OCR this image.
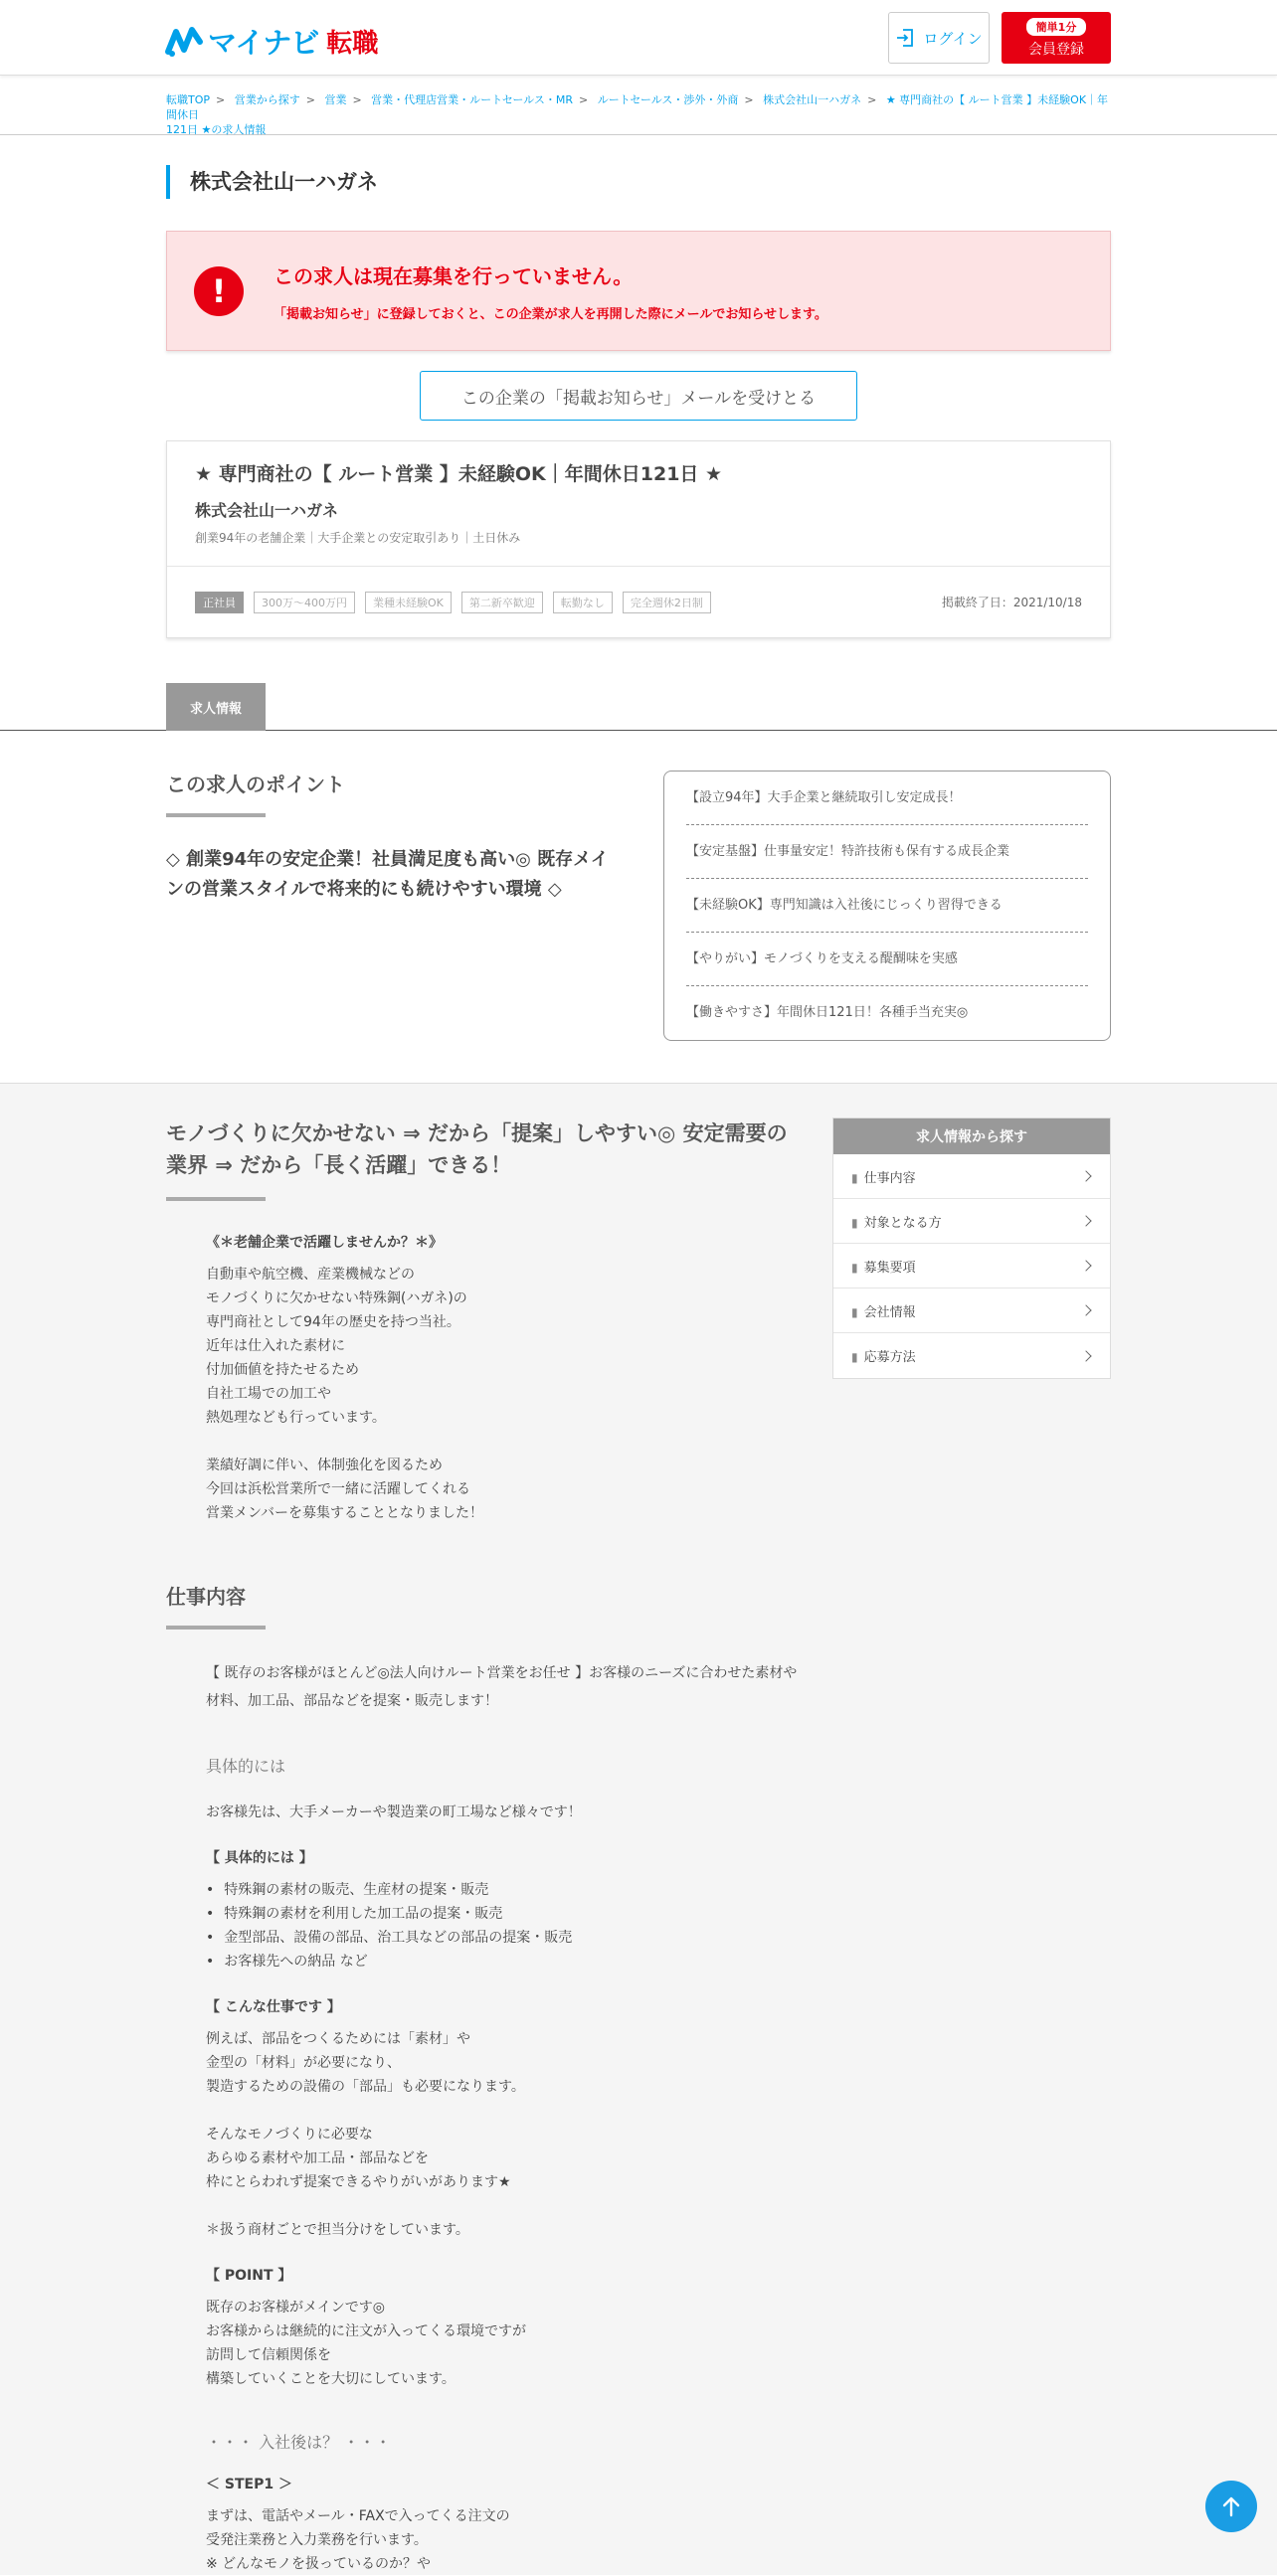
マイナビ 転職	ログイン
簡単1分
会員登録
転職TOP > 営業から探す > 営業 > 営業・代理店営業・ルートセールス・MR > ルートセールス・渉外・外商 > 株式会社山一ハガネ > ★ 専門商社の【 ルート営業 】未経験OK｜年間休日
121日 ★の求人情報
株式会社山一ハガネ
!	この求人は現在募集を行っていません。
「掲載お知らせ」に登録しておくと、この企業が求人を再開した際にメールでお知らせします。
この企業の「掲載お知らせ」メールを受けとる
★ 専門商社の【 ルート営業 】未経験OK｜年間休日121日 ★
株式会社山一ハガネ
創業94年の老舗企業｜大手企業との安定取引あり｜土日休み
正社員	300万～400万円	業種未経験OK	第二新卒歓迎	転勤なし	完全週休2日制	掲載終了日：2021/10/18
求人情報
この求人のポイント
◇ 創業94年の安定企業！社員満足度も高い◎ 既存メインの営業スタイルで将来的にも続けやすい環境 ◇
【設立94年】大手企業と継続取引し安定成長！
【安定基盤】仕事量安定！特許技術も保有する成長企業
【未経験OK】専門知識は入社後にじっくり習得できる
【やりがい】モノづくりを支える醍醐味を実感
【働きやすさ】年間休日121日！各種手当充実◎
モノづくりに欠かせない ⇒ だから「提案」しやすい◎ 安定需要の業界 ⇒ だから「長く活躍」できる！
《＊老舗企業で活躍しませんか？＊》
自動車や航空機、産業機械などの
モノづくりに欠かせない特殊鋼(ハガネ)の
専門商社として94年の歴史を持つ当社。
近年は仕入れた素材に
付加価値を持たせるため
自社工場での加工や
熱処理なども行っています。
業績好調に伴い、体制強化を図るため
今回は浜松営業所で一緒に活躍してくれる
営業メンバーを募集することとなりました！
仕事内容
【 既存のお客様がほとんど◎法人向けルート営業をお任せ 】お客様のニーズに合わせた素材や材料、加工品、部品などを提案・販売します！
具体的には
お客様先は、大手メーカーや製造業の町工場など様々です！
【 具体的には 】
• 特殊鋼の素材の販売、生産材の提案・販売
• 特殊鋼の素材を利用した加工品の提案・販売
• 金型部品、設備の部品、治工具などの部品の提案・販売
• お客様先への納品 など
【 こんな仕事です 】
例えば、部品をつくるためには「素材」や
金型の「材料」が必要になり、
製造するための設備の「部品」も必要になります。
そんなモノづくりに必要な
あらゆる素材や加工品・部品などを
枠にとらわれず提案できるやりがいがあります★
＊扱う商材ごとで担当分けをしています。
【 POINT 】
既存のお客様がメインです◎
お客様からは継続的に注文が入ってくる環境ですが
訪問して信頼関係を
構築していくことを大切にしています。
・・・ 入社後は？ ・・・
＜ STEP1 ＞
まずは、電話やメール・FAXで入ってくる注文の
受発注業務と入力業務を行います。
※ どんなモノを扱っているのか？や
求人情報から探す
▮ 仕事内容
▮ 対象となる方
▮ 募集要項
▮ 会社情報
▮ 応募方法
